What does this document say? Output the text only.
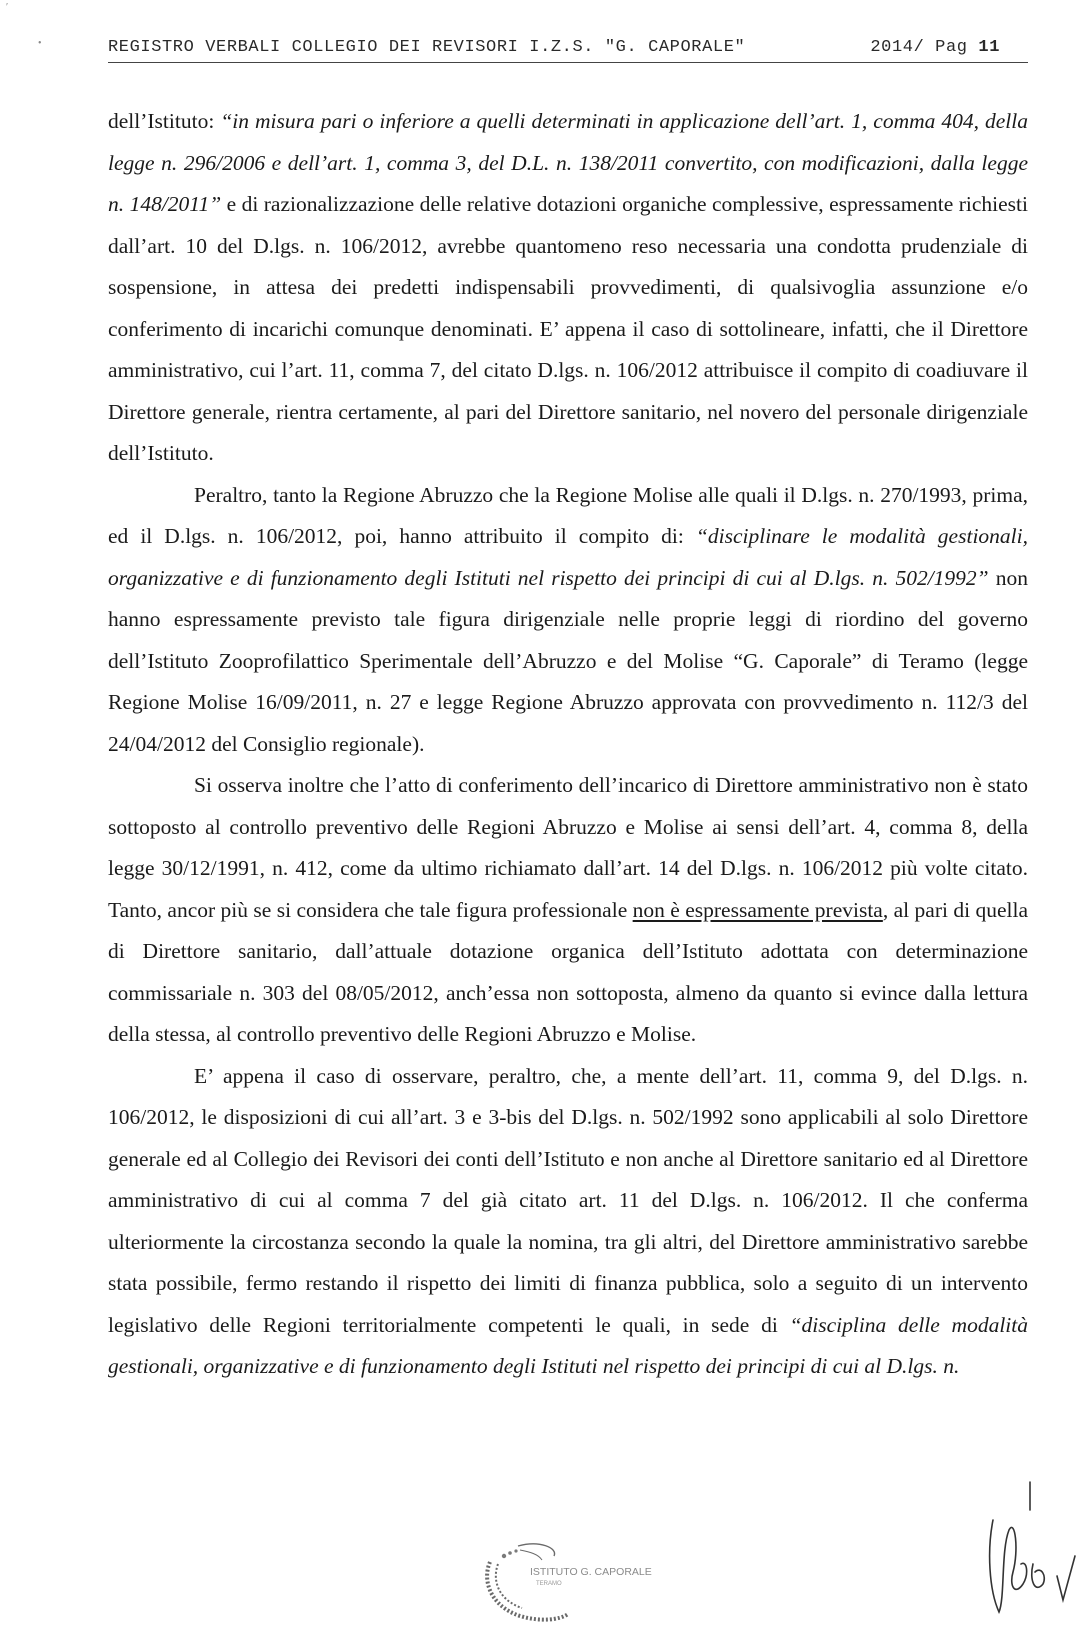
′
•	REGISTRO VERBALI COLLEGIO DEI REVISORI I.Z.S. "G. CAPORALE"	2014/ Pag 11

dell’Istituto: “in misura pari o inferiore a quelli determinati in applicazione dell’art. 1, comma 404, della legge n. 296/2006 e dell’art. 1, comma 3, del D.L. n. 138/2011 convertito, con modificazioni, dalla legge n. 148/2011” e di razionalizzazione delle relative dotazioni organiche complessive, espressamente richiesti dall’art. 10 del D.lgs. n. 106/2012, avrebbe quantomeno reso necessaria una condotta prudenziale di sospensione, in attesa dei predetti indispensabili provvedimenti, di qualsivoglia assunzione e/o conferimento di incarichi comunque denominati. E’ appena il caso di sottolineare, infatti, che il Direttore amministrativo, cui l’art. 11, comma 7, del citato D.lgs. n. 106/2012 attribuisce il compito di coadiuvare il Direttore generale, rientra certamente, al pari del Direttore sanitario, nel novero del personale dirigenziale dell’Istituto.

Peraltro, tanto la Regione Abruzzo che la Regione Molise alle quali il D.lgs. n. 270/1993, prima, ed il D.lgs. n. 106/2012, poi, hanno attribuito il compito di: “disciplinare le modalità gestionali, organizzative e di funzionamento degli Istituti nel rispetto dei principi di cui al D.lgs. n. 502/1992” non hanno espressamente previsto tale figura dirigenziale nelle proprie leggi di riordino del governo dell’Istituto Zooprofilattico Sperimentale dell’Abruzzo e del Molise “G. Caporale” di Teramo (legge Regione Molise 16/09/2011, n. 27 e legge Regione Abruzzo approvata con provvedimento n. 112/3 del 24/04/2012 del Consiglio regionale).

Si osserva inoltre che l’atto di conferimento dell’incarico di Direttore amministrativo non è stato sottoposto al controllo preventivo delle Regioni Abruzzo e Molise ai sensi dell’art. 4, comma 8, della legge 30/12/1991, n. 412, come da ultimo richiamato dall’art. 14 del D.lgs. n. 106/2012 più volte citato. Tanto, ancor più se si considera che tale figura professionale non è espressamente prevista, al pari di quella di Direttore sanitario, dall’attuale dotazione organica dell’Istituto adottata con determinazione commissariale n. 303 del 08/05/2012, anch’essa non sottoposta, almeno da quanto si evince dalla lettura della stessa, al controllo preventivo delle Regioni Abruzzo e Molise.

E’ appena il caso di osservare, peraltro, che, a mente dell’art. 11, comma 9, del D.lgs. n. 106/2012, le disposizioni di cui all’art. 3 e 3-bis del D.lgs. n. 502/1992 sono applicabili al solo Direttore generale ed al Collegio dei Revisori dei conti dell’Istituto e non anche al Direttore sanitario ed al Direttore amministrativo di cui al comma 7 del già citato art. 11 del D.lgs. n. 106/2012. Il che conferma ulteriormente la circostanza secondo la quale la nomina, tra gli altri, del Direttore amministrativo sarebbe stata possibile, fermo restando il rispetto dei limiti di finanza pubblica, solo a seguito di un intervento legislativo delle Regioni territorialmente competenti le quali, in sede di “disciplina delle modalità gestionali, organizzative e di funzionamento degli Istituti nel rispetto dei principi di cui al D.lgs. n.

ISTITUTO G. CAPORALE
TERAMO
